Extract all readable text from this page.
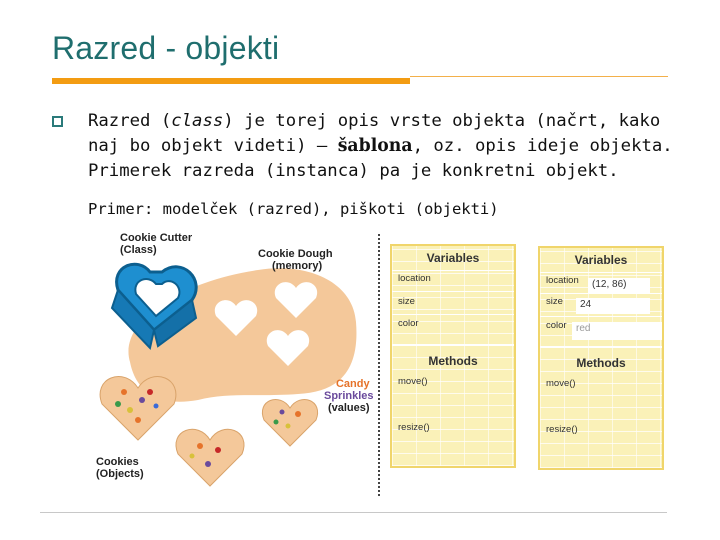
Razred - objekti
Razred (class) je torej opis vrste objekta (načrt, kako naj bo objekt videti) – šablona, oz. opis ideje objekta. Primerek razreda (instanca) pa je konkretni objekt.
Primer: modelček (razred), piškoti (objekti)
Cookie Cutter
(Class)	Cookie Dough
(memory)
Candy
Sprinkles
(values)
Cookies
(Objects)
Variables
location
size
color
Methods
move()
resize()
Variables
location	(12, 86)
size	24
color red
Methods
move()
resize()
